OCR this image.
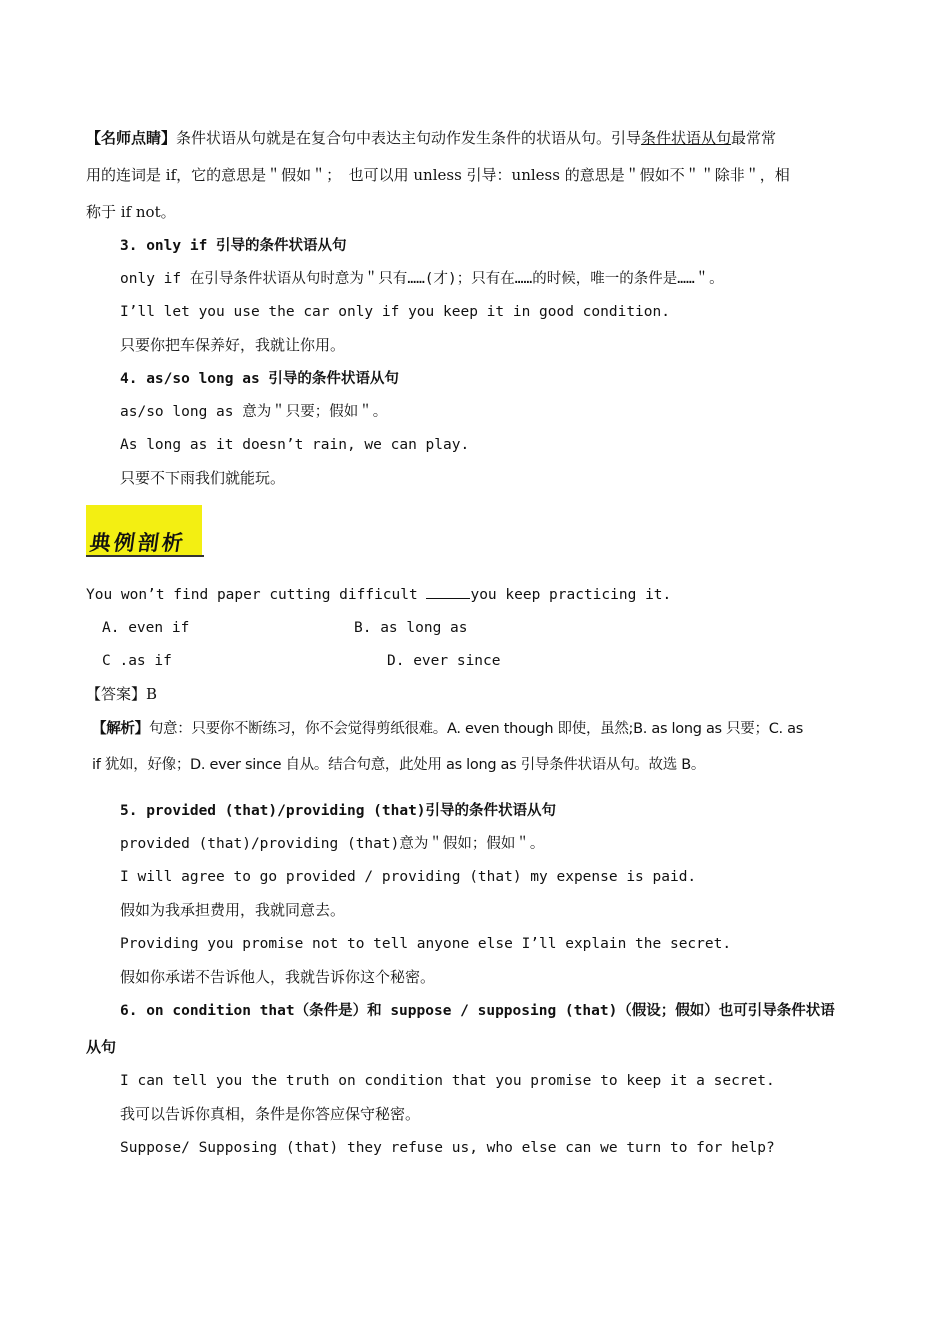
【名师点睛】条件状语从句就是在复合句中表达主句动作发生条件的状语从句。引导条件状语从句最常常
用的连词是 if，它的意思是＂假如＂；　也可以用 unless 引导：unless 的意思是＂假如不＂＂除非＂，相
称于 if not。
3. only if 引导的条件状语从句
only if 在引导条件状语从句时意为＂只有……(才)；只有在……的时候，唯一的条件是……＂。
I’ll let you use the car only if you keep it in good condition.
只要你把车保养好，我就让你用。
4. as/so long as 引导的条件状语从句
as/so long as 意为＂只要；假如＂。
As long as it doesn’t rain, we can play.
只要不下雨我们就能玩。
典例剖析
You won’t find paper cutting difficult	you keep practicing it.
A. even if	B. as long as
C .as if	D. ever since
【答案】B
【解析】句意：只要你不断练习，你不会觉得剪纸很难。A. even though 即使，虽然;B. as long as 只要；C. as
if 犹如，好像；D. ever since 自从。结合句意，此处用 as long as 引导条件状语从句。故选 B。
5. provided (that)/providing (that)引导的条件状语从句
provided (that)/providing (that)意为＂假如；假如＂。
I will agree to go provided / providing (that) my expense is paid.
假如为我承担费用，我就同意去。
Providing you promise not to tell anyone else I’ll explain the secret.
假如你承诺不告诉他人，我就告诉你这个秘密。
6. on condition that（条件是）和 suppose / supposing (that)（假设；假如）也可引导条件状语
从句
I can tell you the truth on condition that you promise to keep it a secret.
我可以告诉你真相，条件是你答应保守秘密。
Suppose/ Supposing (that) they refuse us, who else can we turn to for help?
